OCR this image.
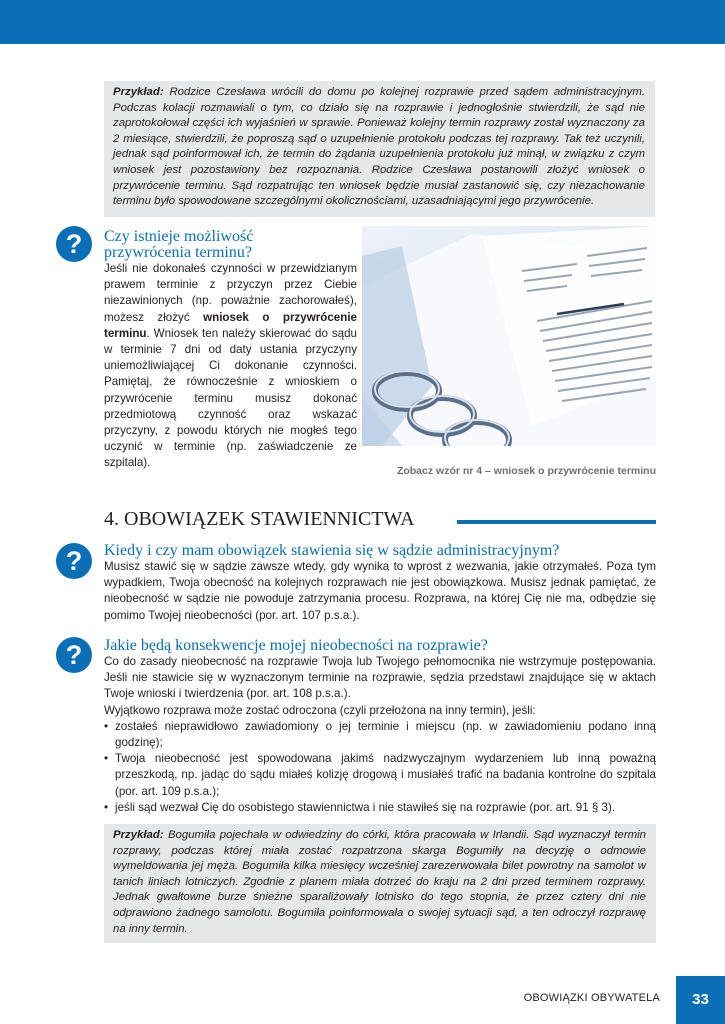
Przykład: Rodzice Czesława wrócili do domu po kolejnej rozprawie przed sądem administracyjnym. Podczas kolacji rozmawiali o tym, co działo się na rozprawie i jednogłośnie stwierdzili, że sąd nie zaprotokołował części ich wyjaśnień w sprawie. Ponieważ kolejny termin rozprawy został wyznaczony za 2 miesiące, stwierdzili, że poproszą sąd o uzupełnienie protokołu podczas tej rozprawy. Tak też uczynili, jednak sąd poinformował ich, że termin do żądania uzupełnienia protokołu już minął, w związku z czym wniosek jest pozostawiony bez rozpoznania. Rodzice Czesława postanowili złożyć wniosek o przywrócenie terminu. Sąd rozpatrując ten wniosek będzie musiał zastanowić się, czy niezachowanie terminu było spowodowane szczególnymi okolicznościami, uzasadniającymi jego przywrócenie.
?	Czy istnieje możliwość
przywrócenia terminu?
Jeśli nie dokonałeś czynności w przewidzianym prawem terminie z przyczyn przez Ciebie niezawinionych (np. poważnie zachorowałeś), możesz złożyć wniosek o przywrócenie terminu. Wniosek ten należy skierować do sądu w terminie 7 dni od daty ustania przyczyny uniemożliwiającej Ci dokonanie czynności. Pamiętaj, że równocześnie z wnioskiem o przywrócenie terminu musisz dokonać przedmiotową czynność oraz wskazać przyczyny, z powodu których nie mogłeś tego uczynić w terminie (np. zaświadczenie ze szpitala).
Zobacz wzór nr 4 – wniosek o przywrócenie terminu
4. OBOWIĄZEK STAWIENNICTWA
?	Kiedy i czy mam obowiązek stawienia się w sądzie administracyjnym?
Musisz stawić się w sądzie zawsze wtedy, gdy wynika to wprost z wezwania, jakie otrzymałeś. Poza tym wypadkiem, Twoja obecność na kolejnych rozprawach nie jest obowiązkowa. Musisz jednak pamiętać, że nieobecność w sądzie nie powoduje zatrzymania procesu. Rozprawa, na której Cię nie ma, odbędzie się pomimo Twojej nieobecności (por. art. 107 p.s.a.).
?	Jakie będą konsekwencje mojej nieobecności na rozprawie?
Co do zasady nieobecność na rozprawie Twoja lub Twojego pełnomocnika nie wstrzymuje postępowania. Jeśli nie stawicie się w wyznaczonym terminie na rozprawie, sędzia przedstawi znajdujące się w aktach Twoje wnioski i twierdzenia (por. art. 108 p.s.a.).
Wyjątkowo rozprawa może zostać odroczona (czyli przełożona na inny termin), jeśli:
• zostałeś nieprawidłowo zawiadomiony o jej terminie i miejscu (np. w zawiadomieniu podano inną godzinę);
• Twoja nieobecność jest spowodowana jakimś nadzwyczajnym wydarzeniem lub inną poważną przeszkodą, np. jadąc do sądu miałeś kolizję drogową i musiałeś trafić na badania kontrolne do szpitala (por. art. 109 p.s.a.);
• jeśli sąd wezwał Cię do osobistego stawiennictwa i nie stawiłeś się na rozprawie (por. art. 91 § 3).
Przykład: Bogumiła pojechała w odwiedziny do córki, która pracowała w Irlandii. Sąd wyznaczył termin rozprawy, podczas której miała zostać rozpatrzona skarga Bogumiły na decyzję o odmowie wymeldowania jej męża. Bogumiła kilka miesięcy wcześniej zarezerwowała bilet powrotny na samolot w tanich liniach lotniczych. Zgodnie z planem miała dotrzeć do kraju na 2 dni przed terminem rozprawy. Jednak gwałtowne burze śnieżne sparaliżowały lotnisko do tego stopnia, że przez cztery dni nie odprawiono żadnego samolotu. Bogumiła poinformowała o swojej sytuacji sąd, a ten odroczył rozprawę na inny termin.
OBOWIĄZKI OBYWATELA	33
